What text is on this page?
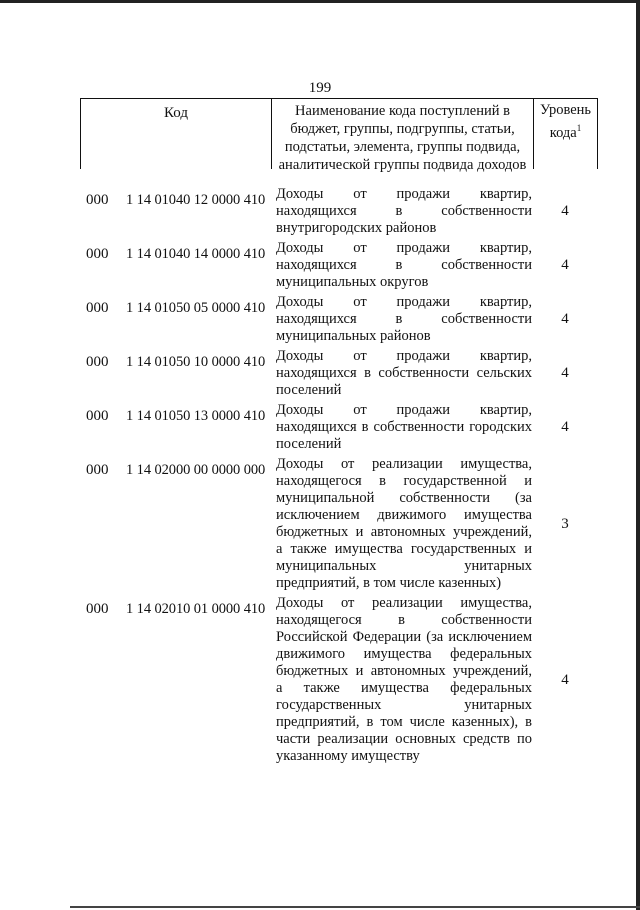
199
Код	Наименование кода поступлений в
бюджет, группы, подгруппы, статьи,
подстатьи, элемента, группы подвида,
аналитической группы подвида доходов
Уровень
кода$^1$
000	1 14 01040 12 0000 410 Доходы от продажи квартир,
находящихся в собственности
внутригородских районов
4
000	1 14 01040 14 0000 410 Доходы от продажи квартир,
находящихся в собственности
муниципальных округов
4
000	1 14 01050 05 0000 410 Доходы от продажи квартир,
находящихся в собственности
муниципальных районов
4
000	1 14 01050 10 0000 410 Доходы от продажи квартир,
находящихся в собственности сельских
поселений
4
000	1 14 01050 13 0000 410 Доходы от продажи квартир,
находящихся в собственности городских
поселений
4
000	1 14 02000 00 0000 000 Доходы от реализации имущества,
находящегося в государственной и
муниципальной собственности (за
исключением движимого имущества
бюджетных и автономных учреждений,
а также имущества государственных и
муниципальных унитарных
предприятий, в том числе казенных)
3
000	1 14 02010 01 0000 410 Доходы от реализации имущества,
находящегося в собственности
Российской Федерации (за исключением
движимого имущества федеральных
бюджетных и автономных учреждений,
а также имущества федеральных
государственных унитарных
предприятий, в том числе казенных), в
части реализации основных средств по
указанному имуществу
4
